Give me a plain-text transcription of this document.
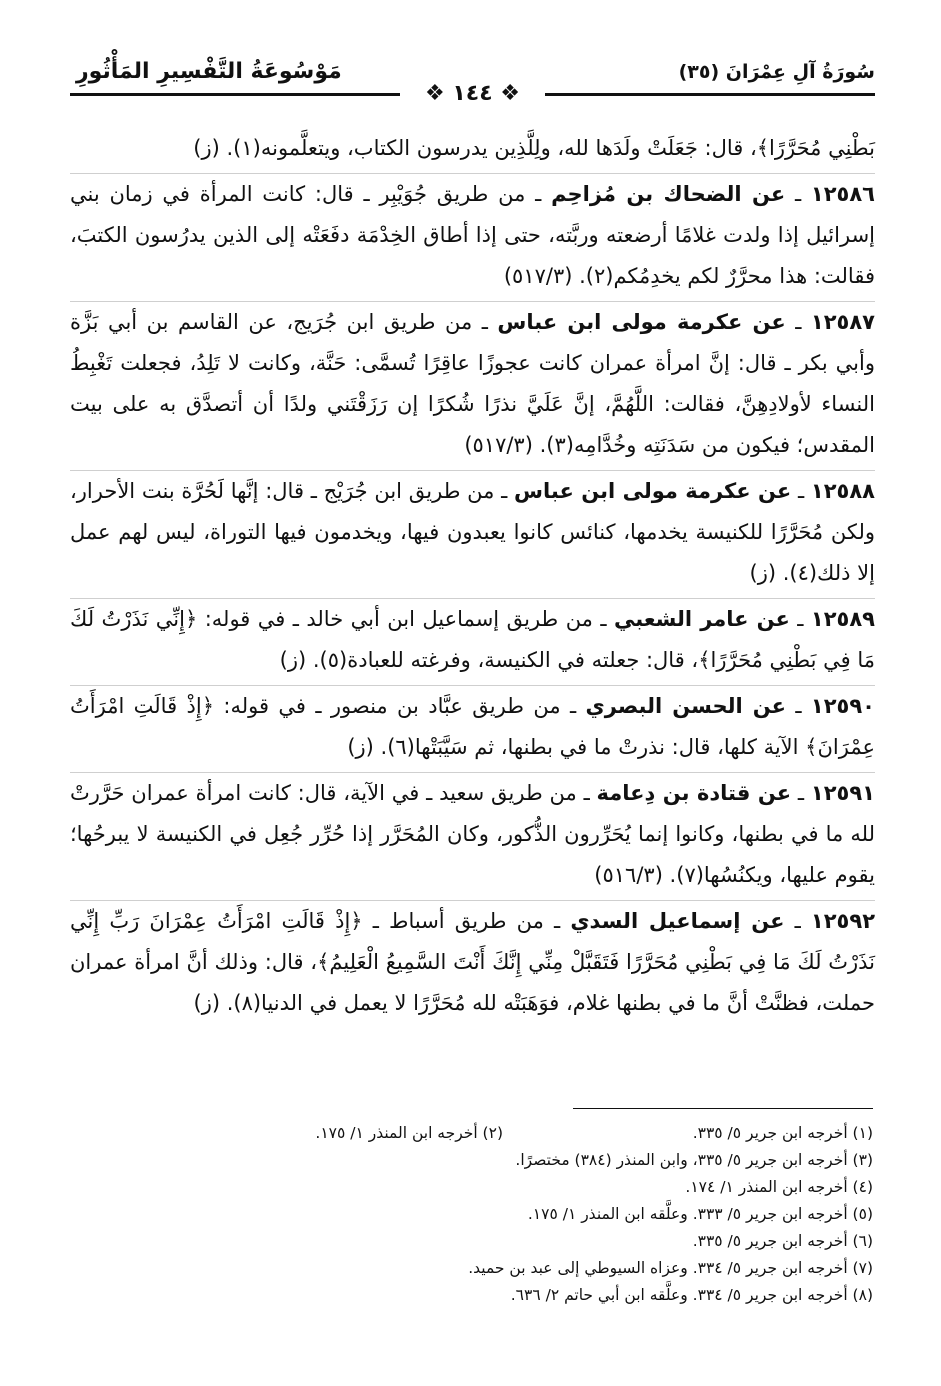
سُورَةُ آلِ عِمْرَانَ (٣٥)
مَوْسُوعَةُ التَّفْسِيرِ المَأْثُورِ
❖ ١٤٤ ❖

بَطْنِي مُحَرَّرًا﴾، قال: جَعَلَتْ ولَدَها لله، ولِلَّذِين يدرسون الكتاب، ويتعلَّمونه(١). (ز)

١٢٥٨٦ ـ عن الضحاك بن مُزاحِم ـ من طريق جُوَيْبِر ـ قال: كانت المرأة في زمان بني إسرائيل إذا ولدت غلامًا أرضعته وربَّته، حتى إذا أطاق الخِدْمَة دفَعَتْه إلى الذين يدرُسون الكتبَ، فقالت: هذا محرَّرٌ لكم يخدِمُكم(٢). (٥١٧/٣)

١٢٥٨٧ ـ عن عكرمة مولى ابن عباس ـ من طريق ابن جُرَيج، عن القاسم بن أبي بَزَّة وأبي بكر ـ قال: إنَّ امرأة عمران كانت عجوزًا عاقِرًا تُسمَّى: حَنَّة، وكانت لا تَلِدُ، فجعلت تَغْبِطُ النساء لأولادِهِنَّ، فقالت: اللَّهُمَّ، إنَّ عَلَيَّ نذرًا شُكرًا إن رَزَقْتَني ولدًا أن أتصدَّق به على بيت المقدس؛ فيكون من سَدَنَتِه وخُدَّامِه(٣). (٥١٧/٣)

١٢٥٨٨ ـ عن عكرمة مولى ابن عباس ـ من طريق ابن جُرَيْج ـ قال: إنَّها لَحُرَّة بنت الأحرار، ولكن مُحَرَّرًا للكنيسة يخدمها، كنائس كانوا يعبدون فيها، ويخدمون فيها التوراة، ليس لهم عمل إلا ذلك(٤). (ز)

١٢٥٨٩ ـ عن عامر الشعبي ـ من طريق إسماعيل ابن أبي خالد ـ في قوله: ﴿إِنِّي نَذَرْتُ لَكَ مَا فِي بَطْنِي مُحَرَّرًا﴾، قال: جعلته في الكنيسة، وفرغته للعبادة(٥). (ز)

١٢٥٩٠ ـ عن الحسن البصري ـ من طريق عبَّاد بن منصور ـ في قوله: ﴿إِذْ قَالَتِ امْرَأَتُ عِمْرَانَ﴾ الآية كلها، قال: نذرتْ ما في بطنها، ثم سَيَّبَتْها(٦). (ز)

١٢٥٩١ ـ عن قتادة بن دِعامة ـ من طريق سعيد ـ في الآية، قال: كانت امرأة عمران حَرَّرتْ لله ما في بطنها، وكانوا إنما يُحَرِّرون الذُّكور، وكان المُحَرَّر إذا حُرِّر جُعِل في الكنيسة لا يبرحُها؛ يقوم عليها، ويكنُسُها(٧). (٥١٦/٣)

١٢٥٩٢ ـ عن إسماعيل السدي ـ من طريق أسباط ـ ﴿إِذْ قَالَتِ امْرَأَتُ عِمْرَانَ رَبِّ إِنِّي نَذَرْتُ لَكَ مَا فِي بَطْنِي مُحَرَّرًا فَتَقَبَّلْ مِنِّي إِنَّكَ أَنْتَ السَّمِيعُ الْعَلِيمُ﴾، قال: وذلك أنَّ امرأة عمران حملت، فظنَّتْ أنَّ ما في بطنها غلام، فوَهَبَتْه لله مُحَرَّرًا لا يعمل في الدنيا(٨). (ز)

(١) أخرجه ابن جرير ٥/ ٣٣٥.
(٢) أخرجه ابن المنذر ١/ ١٧٥.
(٣) أخرجه ابن جرير ٥/ ٣٣٥، وابن المنذر (٣٨٤) مختصرًا.
(٤) أخرجه ابن المنذر ١/ ١٧٤.
(٥) أخرجه ابن جرير ٥/ ٣٣٣. وعلَّقه ابن المنذر ١/ ١٧٥.
(٦) أخرجه ابن جرير ٥/ ٣٣٥.
(٧) أخرجه ابن جرير ٥/ ٣٣٤. وعزاه السيوطي إلى عبد بن حميد.
(٨) أخرجه ابن جرير ٥/ ٣٣٤. وعلَّقه ابن أبي حاتم ٢/ ٦٣٦.
